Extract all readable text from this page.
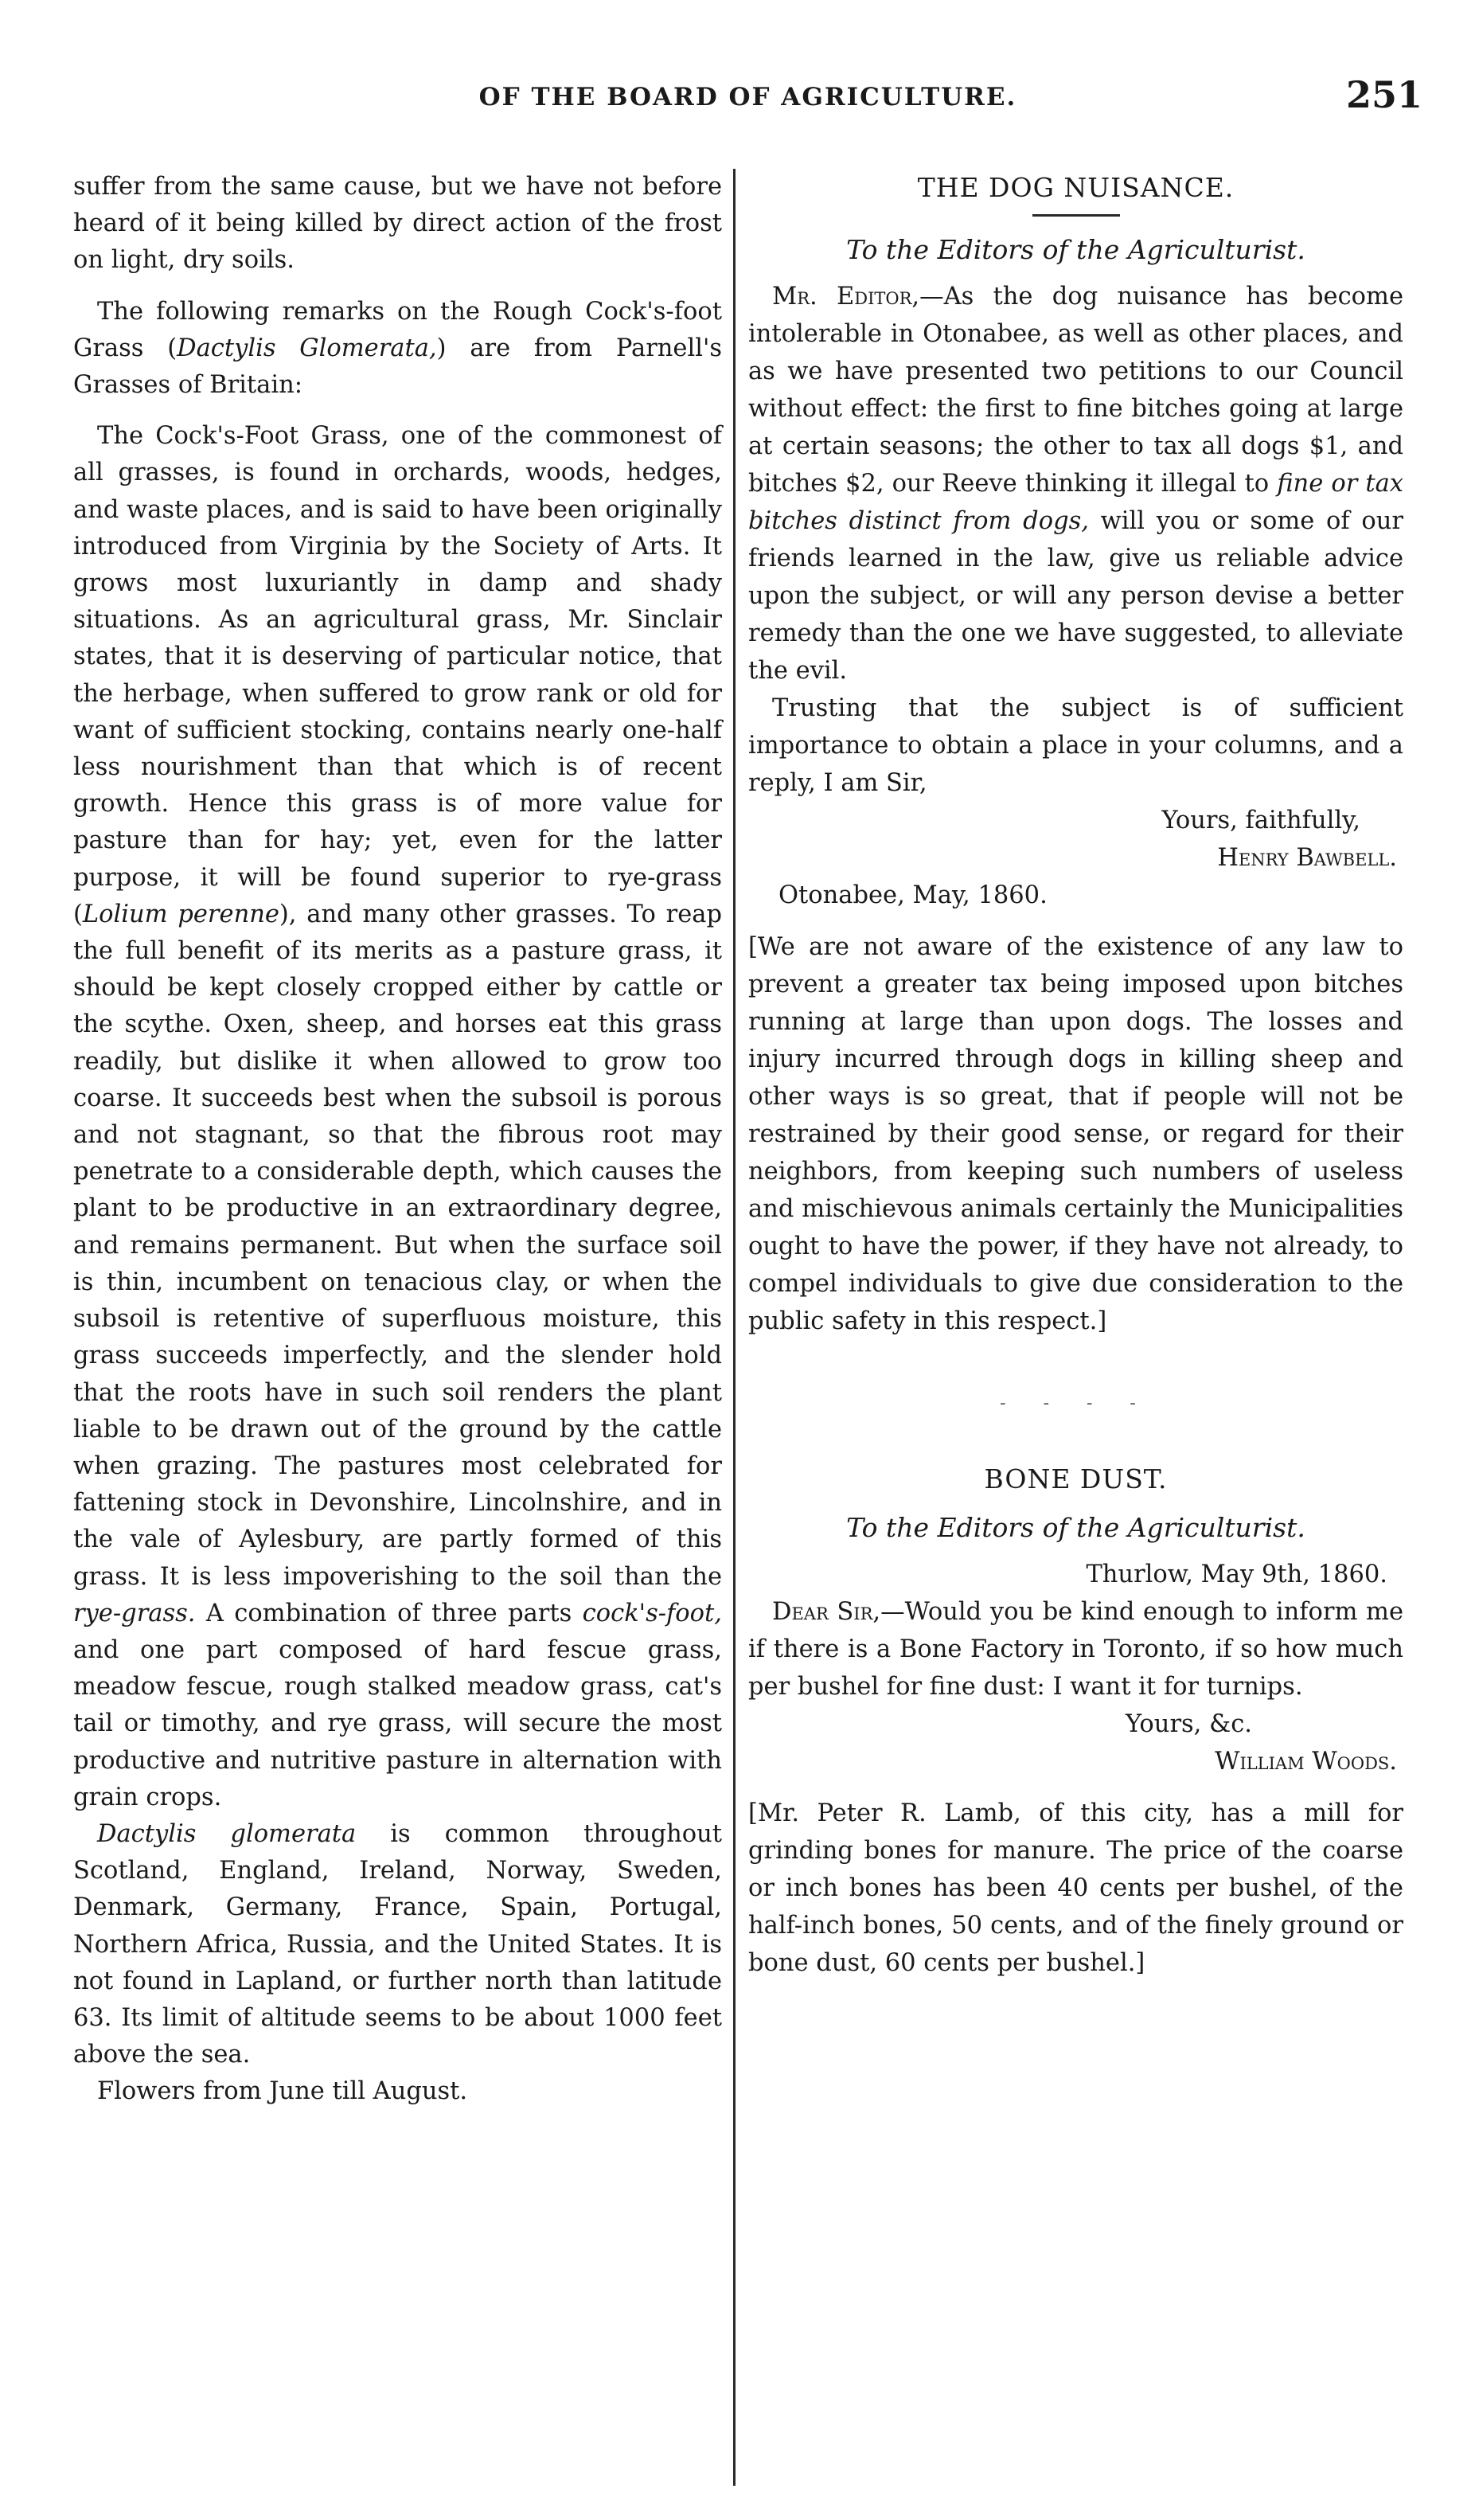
OF THE BOARD OF AGRICULTURE.	251

suffer from the same cause, but we have not before heard of it being killed by direct action of the frost on light, dry soils.

The following remarks on the Rough Cock's-foot Grass (Dactylis Glomerata,) are from Parnell's Grasses of Britain:

The Cock's-Foot Grass, one of the commonest of all grasses, is found in orchards, woods, hedges, and waste places, and is said to have been originally introduced from Virginia by the Society of Arts. It grows most luxuriantly in damp and shady situations. As an agricultural grass, Mr. Sinclair states, that it is deserving of particular notice, that the herbage, when suffered to grow rank or old for want of sufficient stocking, contains nearly one-half less nourishment than that which is of recent growth. Hence this grass is of more value for pasture than for hay; yet, even for the latter purpose, it will be found superior to rye-grass (Lolium perenne), and many other grasses. To reap the full benefit of its merits as a pasture grass, it should be kept closely cropped either by cattle or the scythe. Oxen, sheep, and horses eat this grass readily, but dislike it when allowed to grow too coarse. It succeeds best when the subsoil is porous and not stagnant, so that the fibrous root may penetrate to a considerable depth, which causes the plant to be productive in an extraordinary degree, and remains permanent. But when the surface soil is thin, incumbent on tenacious clay, or when the subsoil is retentive of superfluous moisture, this grass succeeds imperfectly, and the slender hold that the roots have in such soil renders the plant liable to be drawn out of the ground by the cattle when grazing. The pastures most celebrated for fattening stock in Devonshire, Lincolnshire, and in the vale of Aylesbury, are partly formed of this grass. It is less impoverishing to the soil than the rye-grass. A combination of three parts cock's-foot, and one part composed of hard fescue grass, meadow fescue, rough stalked meadow grass, cat's tail or timothy, and rye grass, will secure the most productive and nutritive pasture in alternation with grain crops.

Dactylis glomerata is common throughout Scotland, England, Ireland, Norway, Sweden, Denmark, Germany, France, Spain, Portugal, Northern Africa, Russia, and the United States. It is not found in Lapland, or further north than latitude 63. Its limit of altitude seems to be about 1000 feet above the sea.

Flowers from June till August.

THE DOG NUISANCE.
To the Editors of the Agriculturist.

Mr. Editor,—As the dog nuisance has become intolerable in Otonabee, as well as other places, and as we have presented two petitions to our Council without effect: the first to fine bitches going at large at certain seasons; the other to tax all dogs $1, and bitches $2, our Reeve thinking it illegal to fine or tax bitches distinct from dogs, will you or some of our friends learned in the law, give us reliable advice upon the subject, or will any person devise a better remedy than the one we have suggested, to alleviate the evil.

Trusting that the subject is of sufficient importance to obtain a place in your columns, and a reply, I am Sir,

Yours, faithfully,
Henry Bawbell.
Otonabee, May, 1860.

[We are not aware of the existence of any law to prevent a greater tax being imposed upon bitches running at large than upon dogs. The losses and injury incurred through dogs in killing sheep and other ways is so great, that if people will not be restrained by their good sense, or regard for their neighbors, from keeping such numbers of useless and mischievous animals certainly the Municipalities ought to have the power, if they have not already, to compel individuals to give due consideration to the public safety in this respect.]

- - - -
BONE DUST.
To the Editors of the Agriculturist.
Thurlow, May 9th, 1860.

Dear Sir,—Would you be kind enough to inform me if there is a Bone Factory in Toronto, if so how much per bushel for fine dust: I want it for turnips.

Yours, &c.
William Woods.

[Mr. Peter R. Lamb, of this city, has a mill for grinding bones for manure. The price of the coarse or inch bones has been 40 cents per bushel, of the half-inch bones, 50 cents, and of the finely ground or bone dust, 60 cents per bushel.]
